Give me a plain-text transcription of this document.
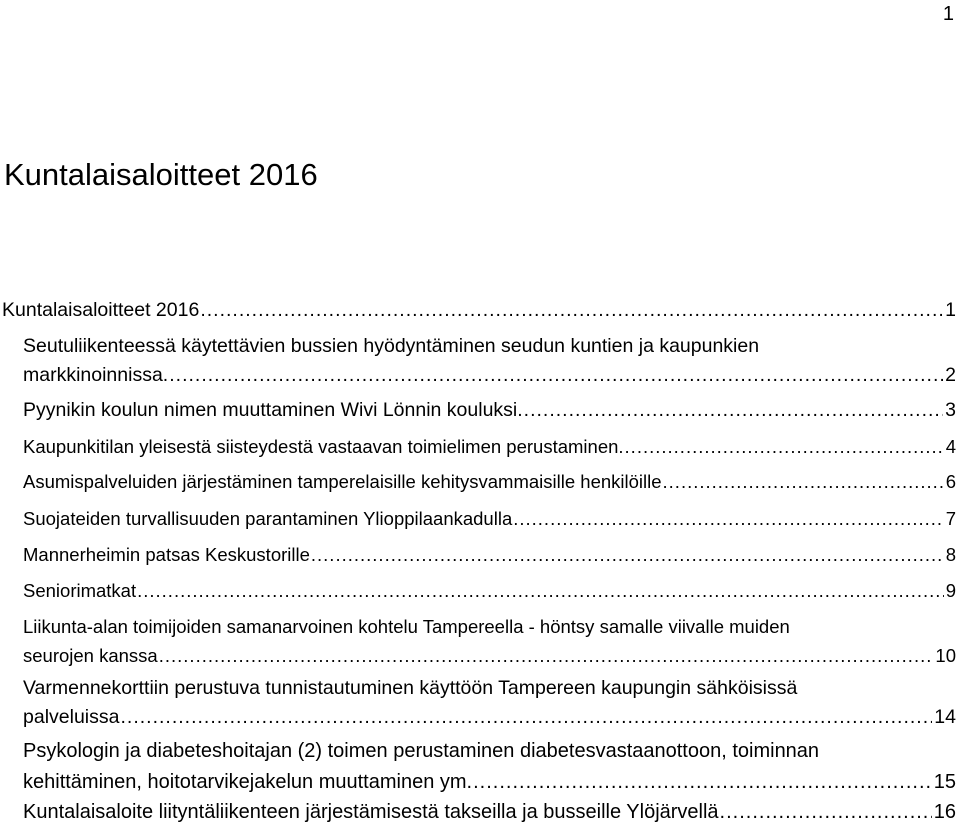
1
Kuntalaisaloitteet 2016
Kuntalaisaloitteet 2016 .....	1
Seutuliikenteessä käytettävien bussien hyödyntäminen seudun kuntien ja kaupunkien
markkinoinnissa. .....	2
Pyynikin koulun nimen muuttaminen Wivi Lönnin kouluksi. .....	3
Kaupunkitilan yleisestä siisteydestä vastaavan toimielimen perustaminen. .....	4
Asumispalveluiden järjestäminen tamperelaisille kehitysvammaisille henkilöille .....	6
Suojateiden turvallisuuden parantaminen Ylioppilaankadulla .....	7
Mannerheimin patsas Keskustorille .....	8
Seniorimatkat .....	9
Liikunta-alan toimijoiden samanarvoinen kohtelu Tampereella - höntsy samalle viivalle muiden
seurojen kanssa .....	10
Varmennekorttiin perustuva tunnistautuminen käyttöön Tampereen kaupungin sähköisissä
palveluissa .....	14
Psykologin ja diabeteshoitajan (2) toimen perustaminen diabetesvastaanottoon, toiminnan
kehittäminen, hoitotarvikejakelun muuttaminen ym. .....	15
Kuntalaisaloite liityntäliikenteen järjestämisestä takseilla ja busseille Ylöjärvellä .....	16
